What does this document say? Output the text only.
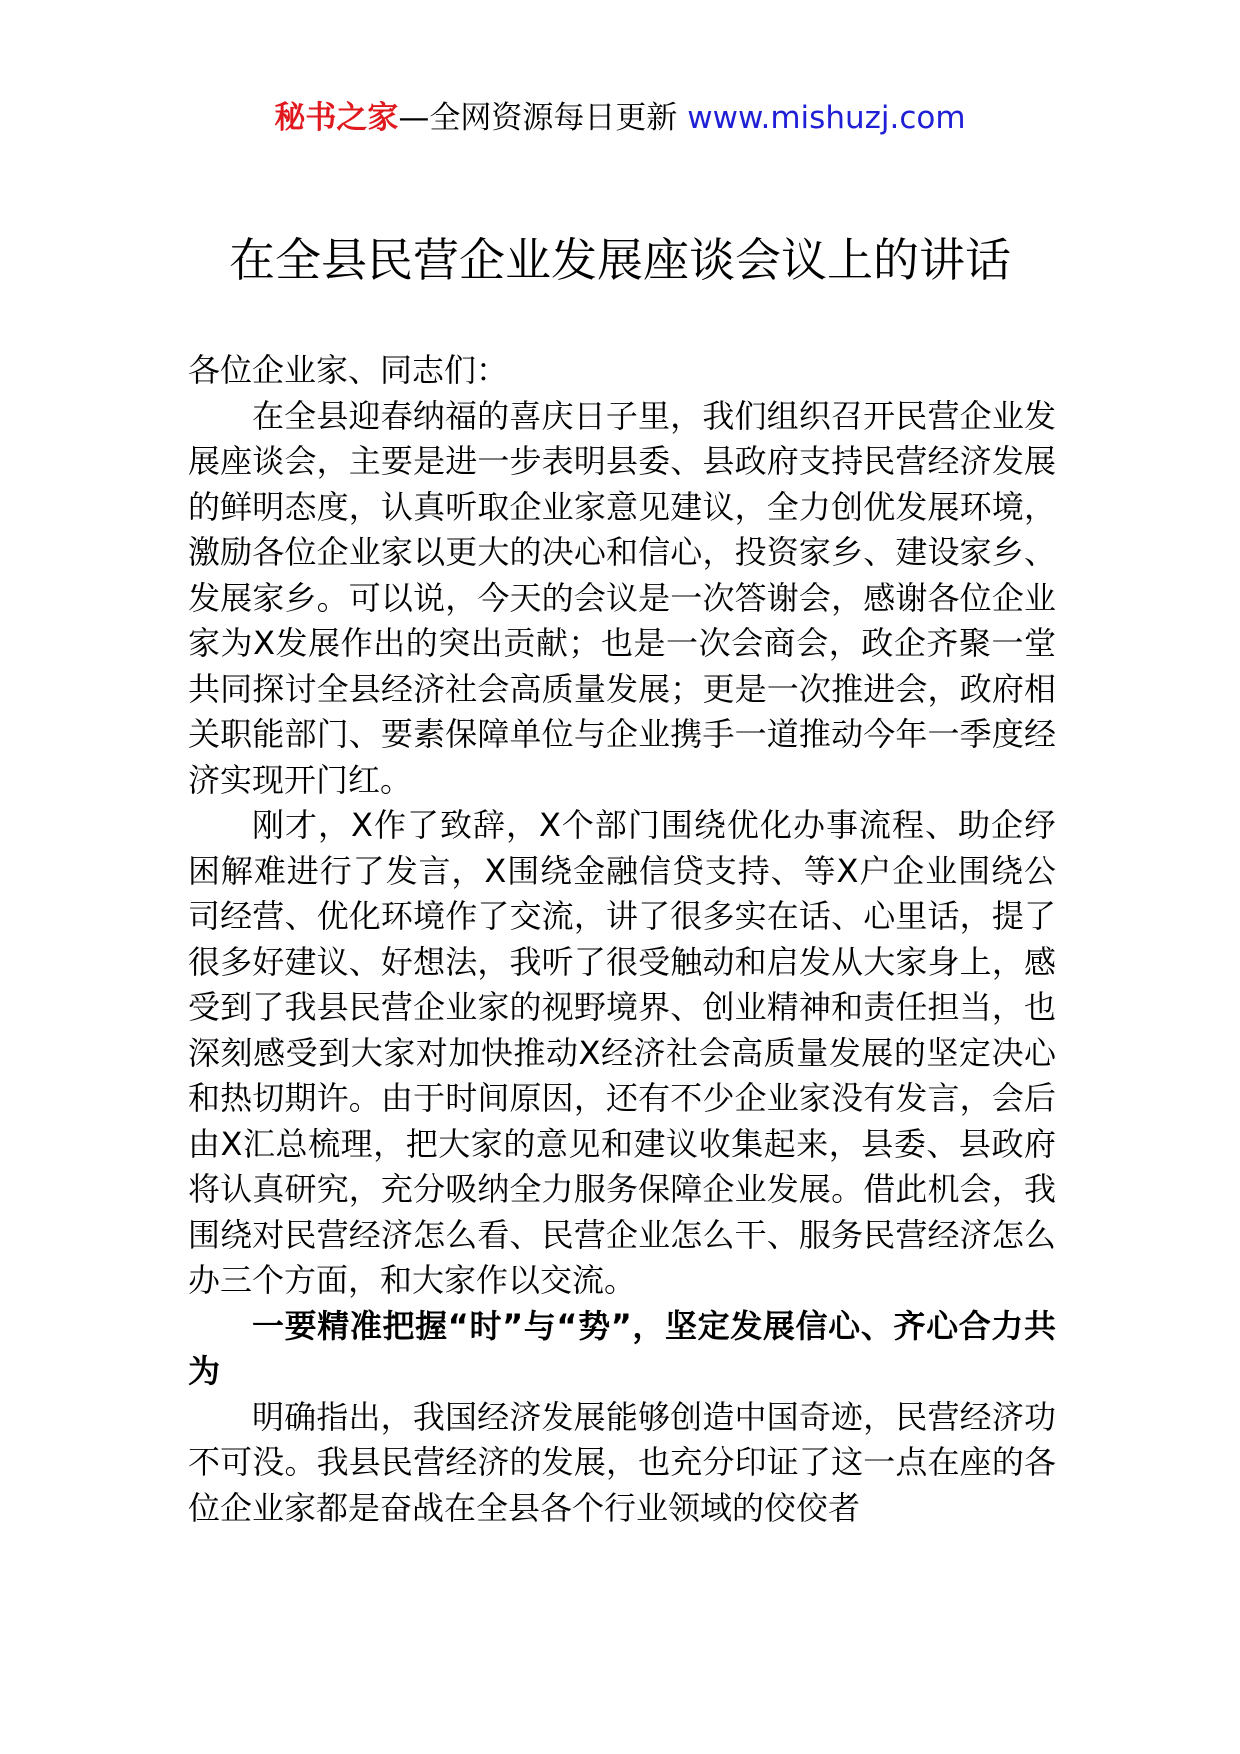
秘书之家—全网资源每日更新 www.mishuzj.com
在全县民营企业发展座谈会议上的讲话

各位企业家、同志们：

在全县迎春纳福的喜庆日子里，我们组织召开民营企业发展座谈会，主要是进一步表明县委、县政府支持民营经济发展的鲜明态度，认真听取企业家意见建议，全力创优发展环境，激励各位企业家以更大的决心和信心，投资家乡、建设家乡、发展家乡。可以说，今天的会议是一次答谢会，感谢各位企业家为X发展作出的突出贡献；也是一次会商会，政企齐聚一堂共同探讨全县经济社会高质量发展；更是一次推进会，政府相关职能部门、要素保障单位与企业携手一道推动今年一季度经济实现开门红。

刚才，X作了致辞，X个部门围绕优化办事流程、助企纾困解难进行了发言，X围绕金融信贷支持、等X户企业围绕公司经营、优化环境作了交流，讲了很多实在话、心里话，提了很多好建议、好想法，我听了很受触动和启发从大家身上，感受到了我县民营企业家的视野境界、创业精神和责任担当，也深刻感受到大家对加快推动X经济社会高质量发展的坚定决心和热切期许。由于时间原因，还有不少企业家没有发言，会后由X汇总梳理，把大家的意见和建议收集起来，县委、县政府将认真研究，充分吸纳全力服务保障企业发展。借此机会，我围绕对民营经济怎么看、民营企业怎么干、服务民营经济怎么办三个方面，和大家作以交流。

一要精准把握“时”与“势”，坚定发展信心、齐心合力共为

明确指出，我国经济发展能够创造中国奇迹，民营经济功不可没。我县民营经济的发展，也充分印证了这一点在座的各位企业家都是奋战在全县各个行业领域的佼佼者
